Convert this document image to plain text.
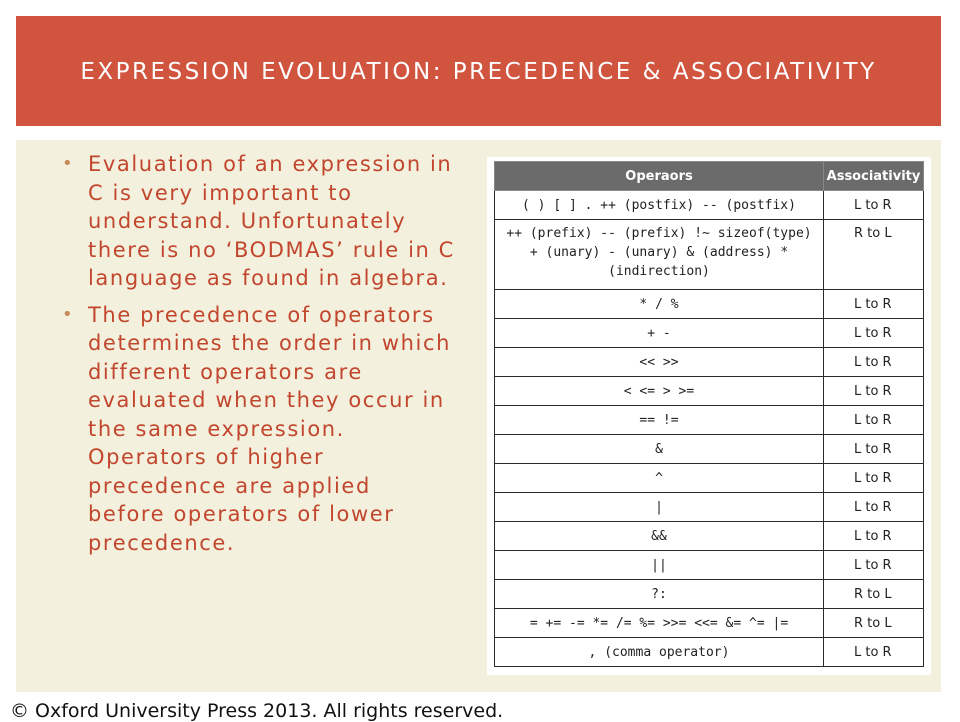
EXPRESSION EVOLUATION: PRECEDENCE & ASSOCIATIVITY
• Evaluation of an expression in C is very important to understand. Unfortunately there is no ‘BODMAS’ rule in C language as found in algebra.
• The precedence of operators determines the order in which different operators are evaluated when they occur in the same expression. Operators of higher precedence are applied before operators of lower precedence.
Operaors	Associativity
( ) [ ] . ++ (postfix) -- (postfix)	L to R
++ (prefix) -- (prefix) !~ sizeof(type) + (unary) - (unary) & (address) * (indirection)	R to L
* / %	L to R
+ -	L to R
<< >>	L to R
< <= > >=	L to R
== !=	L to R
&	L to R
^	L to R
|	L to R
&&	L to R
||	L to R
?:	R to L
= += -= *= /= %= >>= <<= &= ^= |=	R to L
, (comma operator)	L to R
© Oxford University Press 2013. All rights reserved.
